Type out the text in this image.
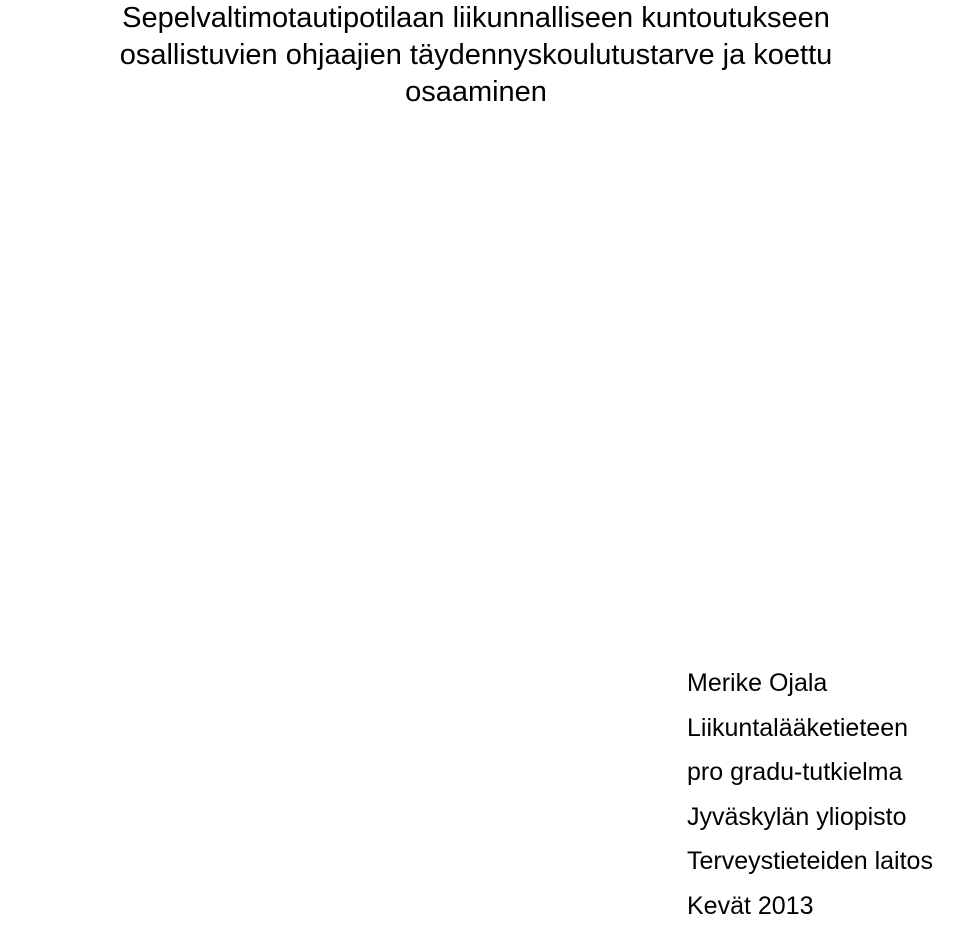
Sepelvaltimotautipotilaan liikunnalliseen kuntoutukseen
osallistuvien ohjaajien täydennyskoulutustarve ja koettu
osaaminen
Merike Ojala
Liikuntalääketieteen
pro gradu-tutkielma
Jyväskylän yliopisto
Terveystieteiden laitos
Kevät 2013
